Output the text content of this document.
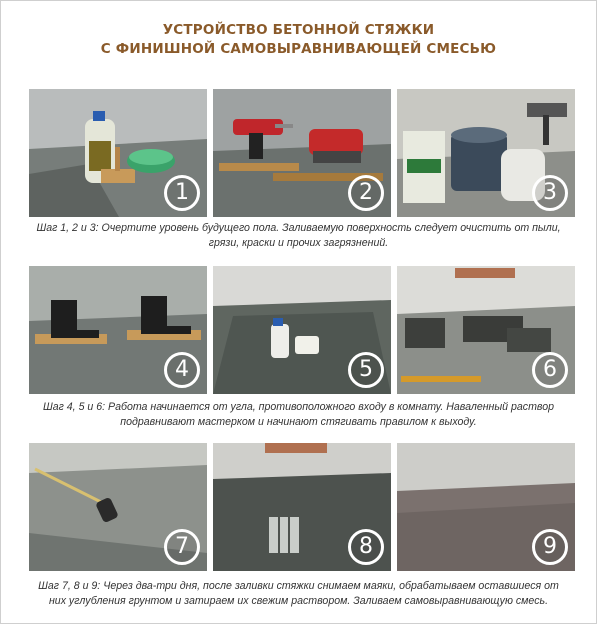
УСТРОЙСТВО БЕТОННОЙ СТЯЖКИ
С ФИНИШНОЙ САМОВЫРАВНИВАЮЩЕЙ СМЕСЬЮ
1	2	3
Шаг 1, 2 и 3: Очертите уровень будущего пола. Заливаемую поверхность следует очистить от пыли,
грязи, краски и прочих загрязнений.
4	5	6
Шаг 4, 5 и 6: Работа начинается от угла, противоположного входу в комнату. Наваленный раствор
подравнивают мастерком и начинают стягивать правилом к выходу.
7	8	9
Шаг 7, 8 и 9: Через два-три дня, после заливки стяжки снимаем маяки, обрабатываем оставшиеся от
них углубления грунтом и затираем их свежим раствором. Заливаем самовыравнивающую смесь.
